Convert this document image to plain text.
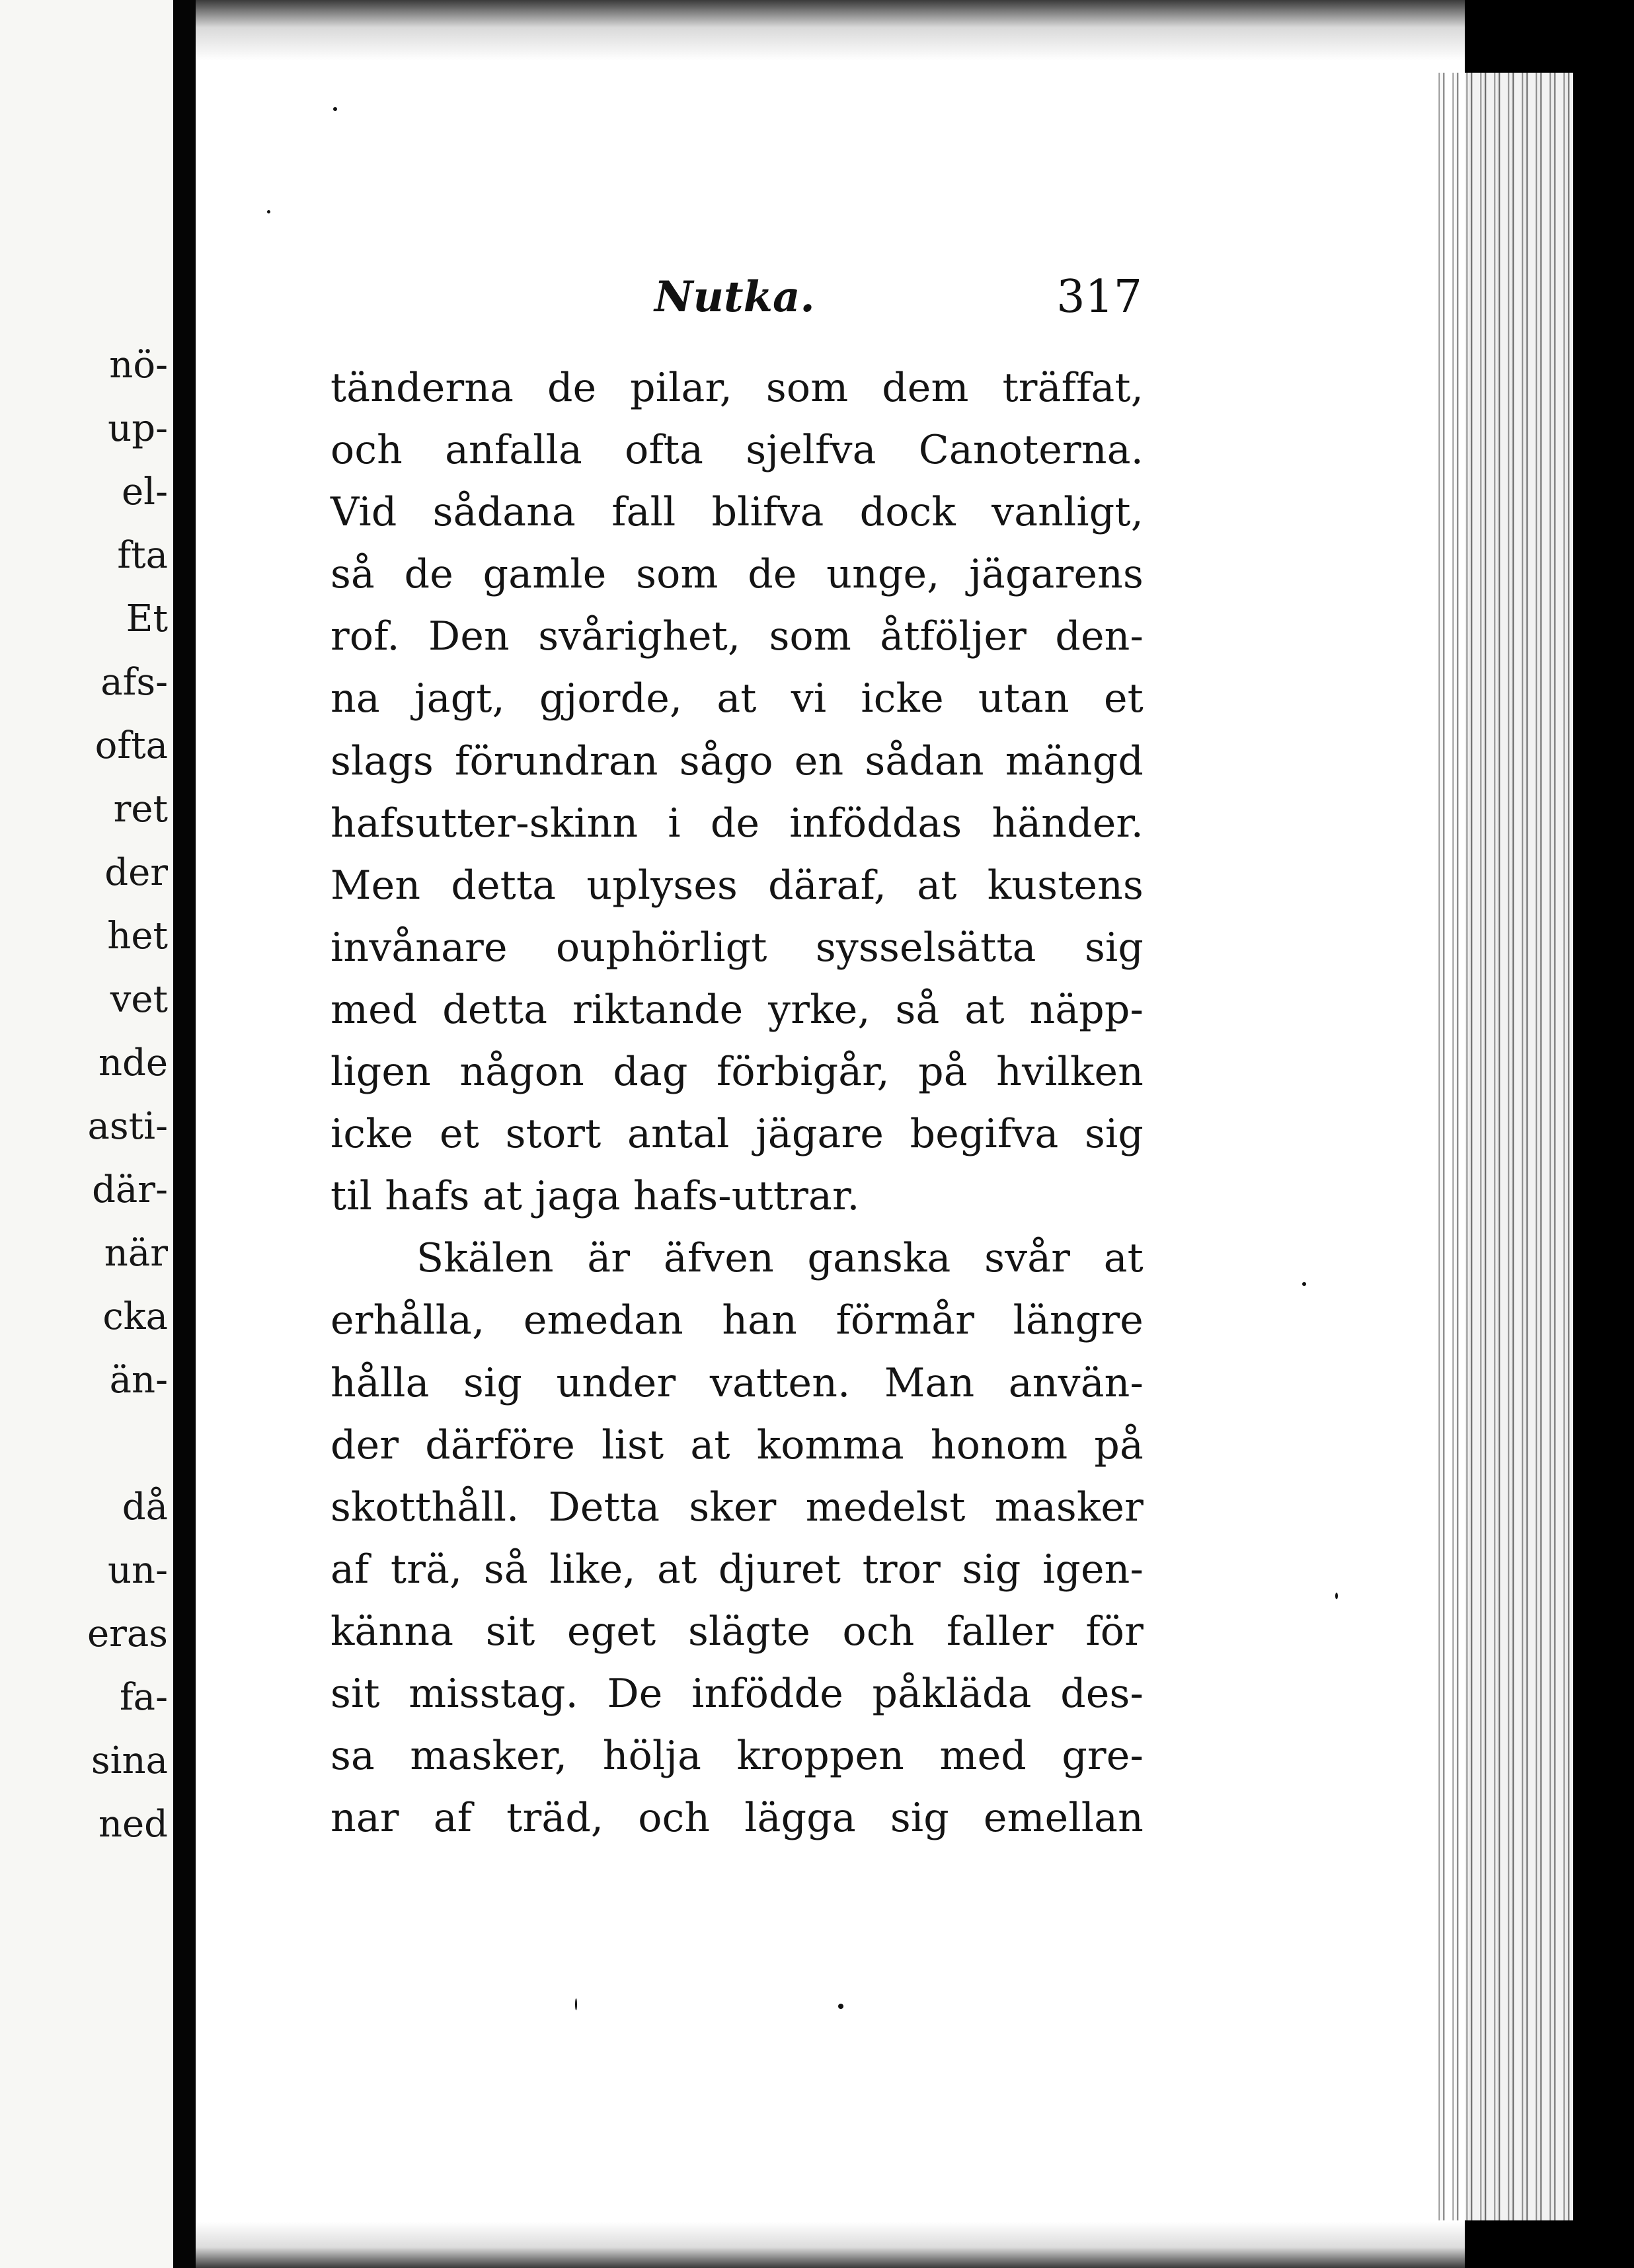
nö-
up-
el-
fta
Et
afs-
ofta
ret
der
het
vet
nde
asti-
där-
när
cka
än-
då
un-
eras
fa-
sina
ned
Nutka.	317
tänderna de pilar, som dem träffat,
och anfalla ofta sjelfva Canoterna.
Vid sådana fall blifva dock vanligt,
så de gamle som de unge, jägarens
rof. Den svårighet, som åtföljer den-
na jagt, gjorde, at vi icke utan et
slags förundran sågo en sådan mängd
hafsutter-skinn i de inföddas händer.
Men detta uplyses däraf, at kustens
invånare ouphörligt sysselsätta sig
med detta riktande yrke, så at näpp-
ligen någon dag förbigår, på hvilken
icke et stort antal jägare begifva sig
til hafs at jaga hafs-uttrar.
Skälen är äfven ganska svår at
erhålla, emedan han förmår längre
hålla sig under vatten. Man använ-
der därföre list at komma honom på
skotthåll. Detta sker medelst masker
af trä, så like, at djuret tror sig igen-
känna sit eget slägte och faller för
sit misstag. De infödde påkläda des-
sa masker, hölja kroppen med gre-
nar af träd, och lägga sig emellan
